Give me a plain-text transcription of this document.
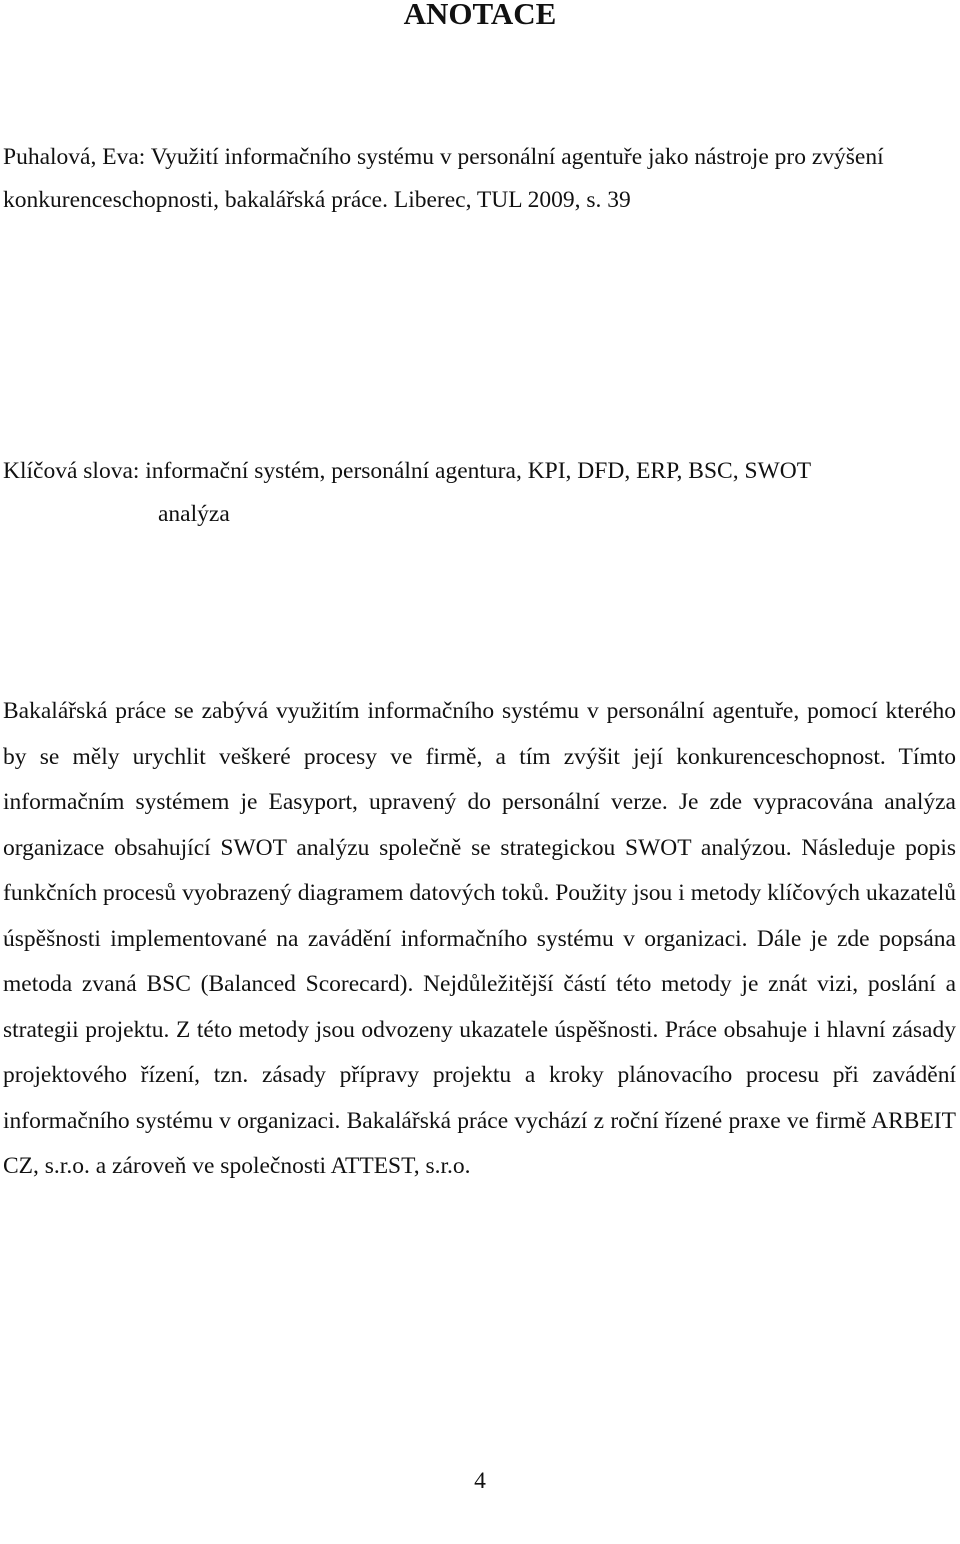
ANOTACE

Puhalová, Eva: Využití informačního systému v personální agentuře jako nástroje pro zvýšení konkurenceschopnosti, bakalářská práce. Liberec, TUL 2009, s. 39

Klíčová slova: informační systém, personální agentura, KPI, DFD, ERP, BSC, SWOT
analýza

Bakalářská práce se zabývá využitím informačního systému v personální agentuře, pomocí kterého by se měly urychlit veškeré procesy ve firmě, a tím zvýšit její konkurenceschopnost. Tímto informačním systémem je Easyport, upravený do personální verze. Je zde vypracována analýza organizace obsahující SWOT analýzu společně se strategickou SWOT analýzou. Následuje popis funkčních procesů vyobrazený diagramem datových toků. Použity jsou i metody klíčových ukazatelů úspěšnosti implementované na zavádění informačního systému v organizaci. Dále je zde popsána metoda zvaná BSC (Balanced Scorecard). Nejdůležitější částí této metody je znát vizi, poslání a strategii projektu. Z této metody jsou odvozeny ukazatele úspěšnosti. Práce obsahuje i hlavní zásady projektového řízení, tzn. zásady přípravy projektu a kroky plánovacího procesu při zavádění informačního systému v organizaci. Bakalářská práce vychází z roční řízené praxe ve firmě ARBEIT CZ, s.r.o. a zároveň ve společnosti ATTEST, s.r.o.

4
